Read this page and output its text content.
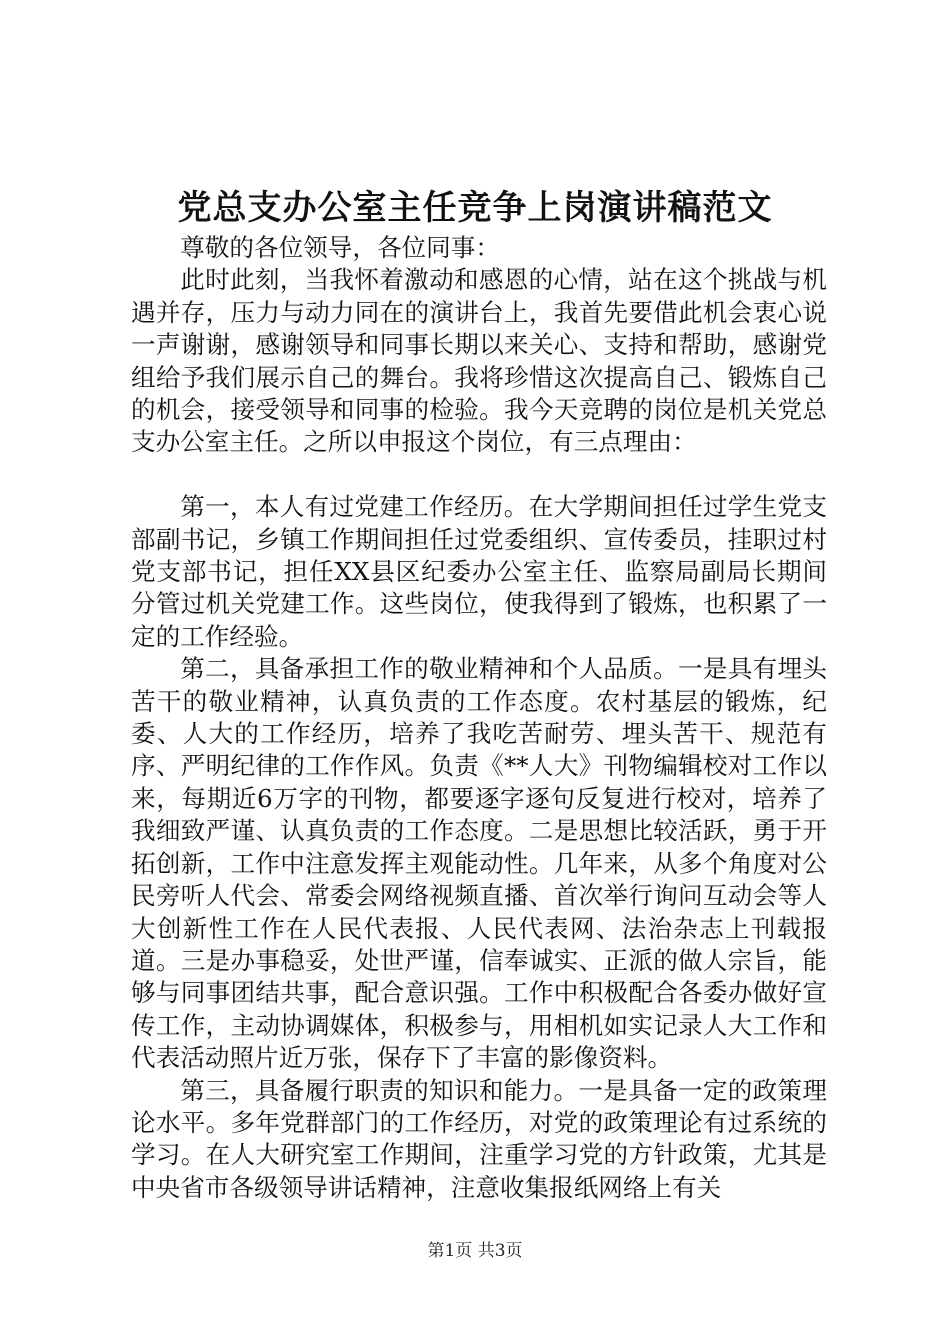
党总支办公室主任竞争上岗演讲稿范文

尊敬的各位领导，各位同事：

此时此刻，当我怀着激动和感恩的心情，站在这个挑战与机遇并存，压力与动力同在的演讲台上，我首先要借此机会衷心说一声谢谢，感谢领导和同事长期以来关心、支持和帮助，感谢党组给予我们展示自己的舞台。我将珍惜这次提高自己、锻炼自己的机会，接受领导和同事的检验。我今天竞聘的岗位是机关党总支办公室主任。之所以申报这个岗位，有三点理由：

第一，本人有过党建工作经历。在大学期间担任过学生党支部副书记，乡镇工作期间担任过党委组织、宣传委员，挂职过村党支部书记，担任XX县区纪委办公室主任、监察局副局长期间分管过机关党建工作。这些岗位，使我得到了锻炼，也积累了一定的工作经验。

第二，具备承担工作的敬业精神和个人品质。一是具有埋头苦干的敬业精神，认真负责的工作态度。农村基层的锻炼，纪委、人大的工作经历，培养了我吃苦耐劳、埋头苦干、规范有序、严明纪律的工作作风。负责《**人大》刊物编辑校对工作以来，每期近6万字的刊物，都要逐字逐句反复进行校对，培养了我细致严谨、认真负责的工作态度。二是思想比较活跃，勇于开拓创新，工作中注意发挥主观能动性。几年来，从多个角度对公民旁听人代会、常委会网络视频直播、首次举行询问互动会等人大创新性工作在人民代表报、人民代表网、法治杂志上刊载报道。三是办事稳妥，处世严谨，信奉诚实、正派的做人宗旨，能够与同事团结共事，配合意识强。工作中积极配合各委办做好宣传工作，主动协调媒体，积极参与，用相机如实记录人大工作和代表活动照片近万张，保存下了丰富的影像资料。

第三，具备履行职责的知识和能力。一是具备一定的政策理论水平。多年党群部门的工作经历，对党的政策理论有过系统的学习。在人大研究室工作期间，注重学习党的方针政策，尤其是中央省市各级领导讲话精神，注意收集报纸网络上有关

第1页 共3页
